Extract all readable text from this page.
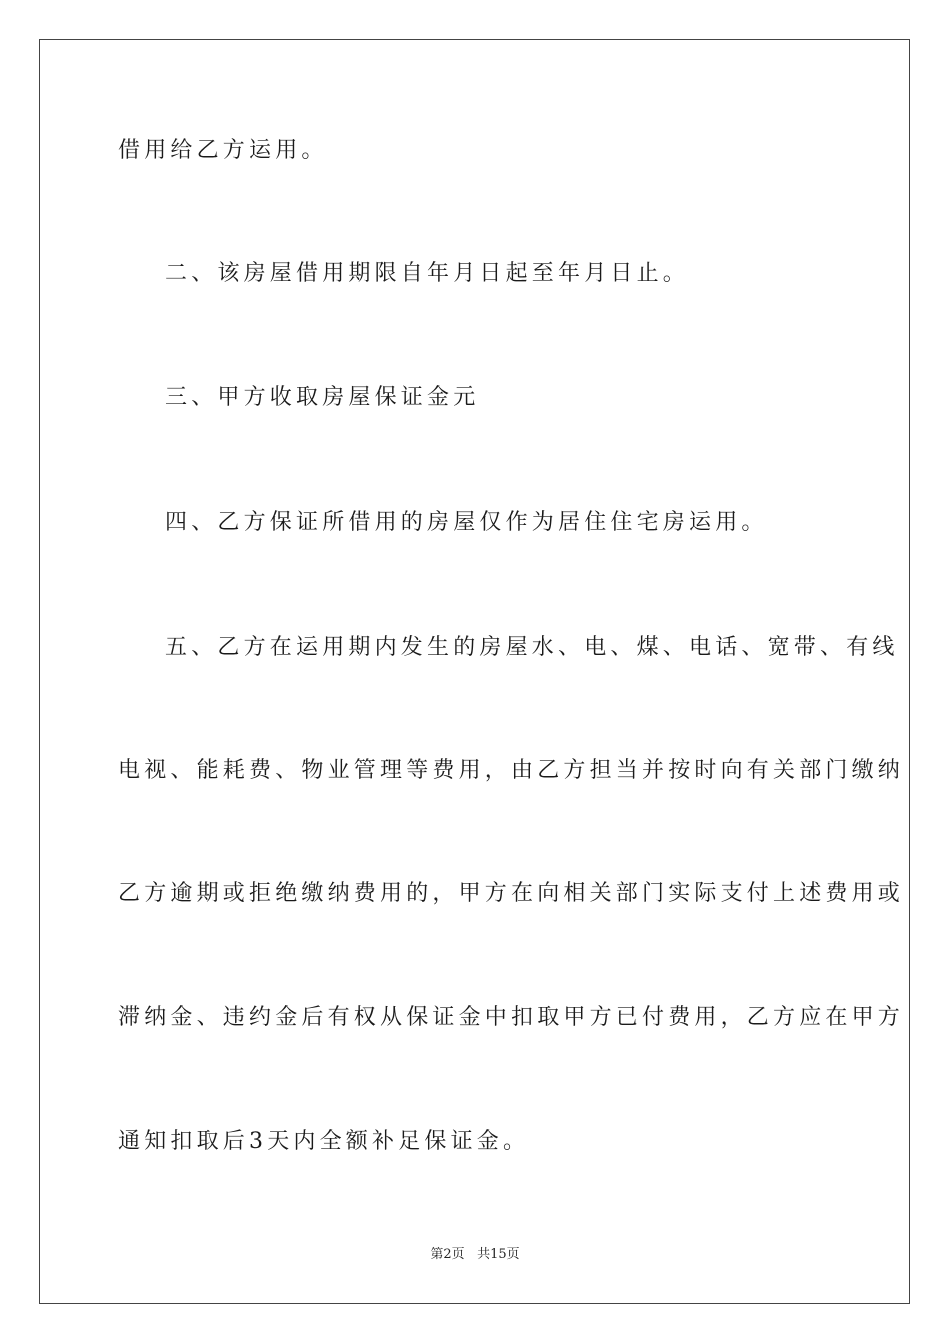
借用给乙方运用。
二、该房屋借用期限自年月日起至年月日止。
三、甲方收取房屋保证金元
四、乙方保证所借用的房屋仅作为居住住宅房运用。
五、乙方在运用期内发生的房屋水、电、煤、电话、宽带、有线
电视、能耗费、物业管理等费用，由乙方担当并按时向有关部门缴纳
乙方逾期或拒绝缴纳费用的，甲方在向相关部门实际支付上述费用或
滞纳金、违约金后有权从保证金中扣取甲方已付费用，乙方应在甲方
通知扣取后3天内全额补足保证金。
第2页 共15页
